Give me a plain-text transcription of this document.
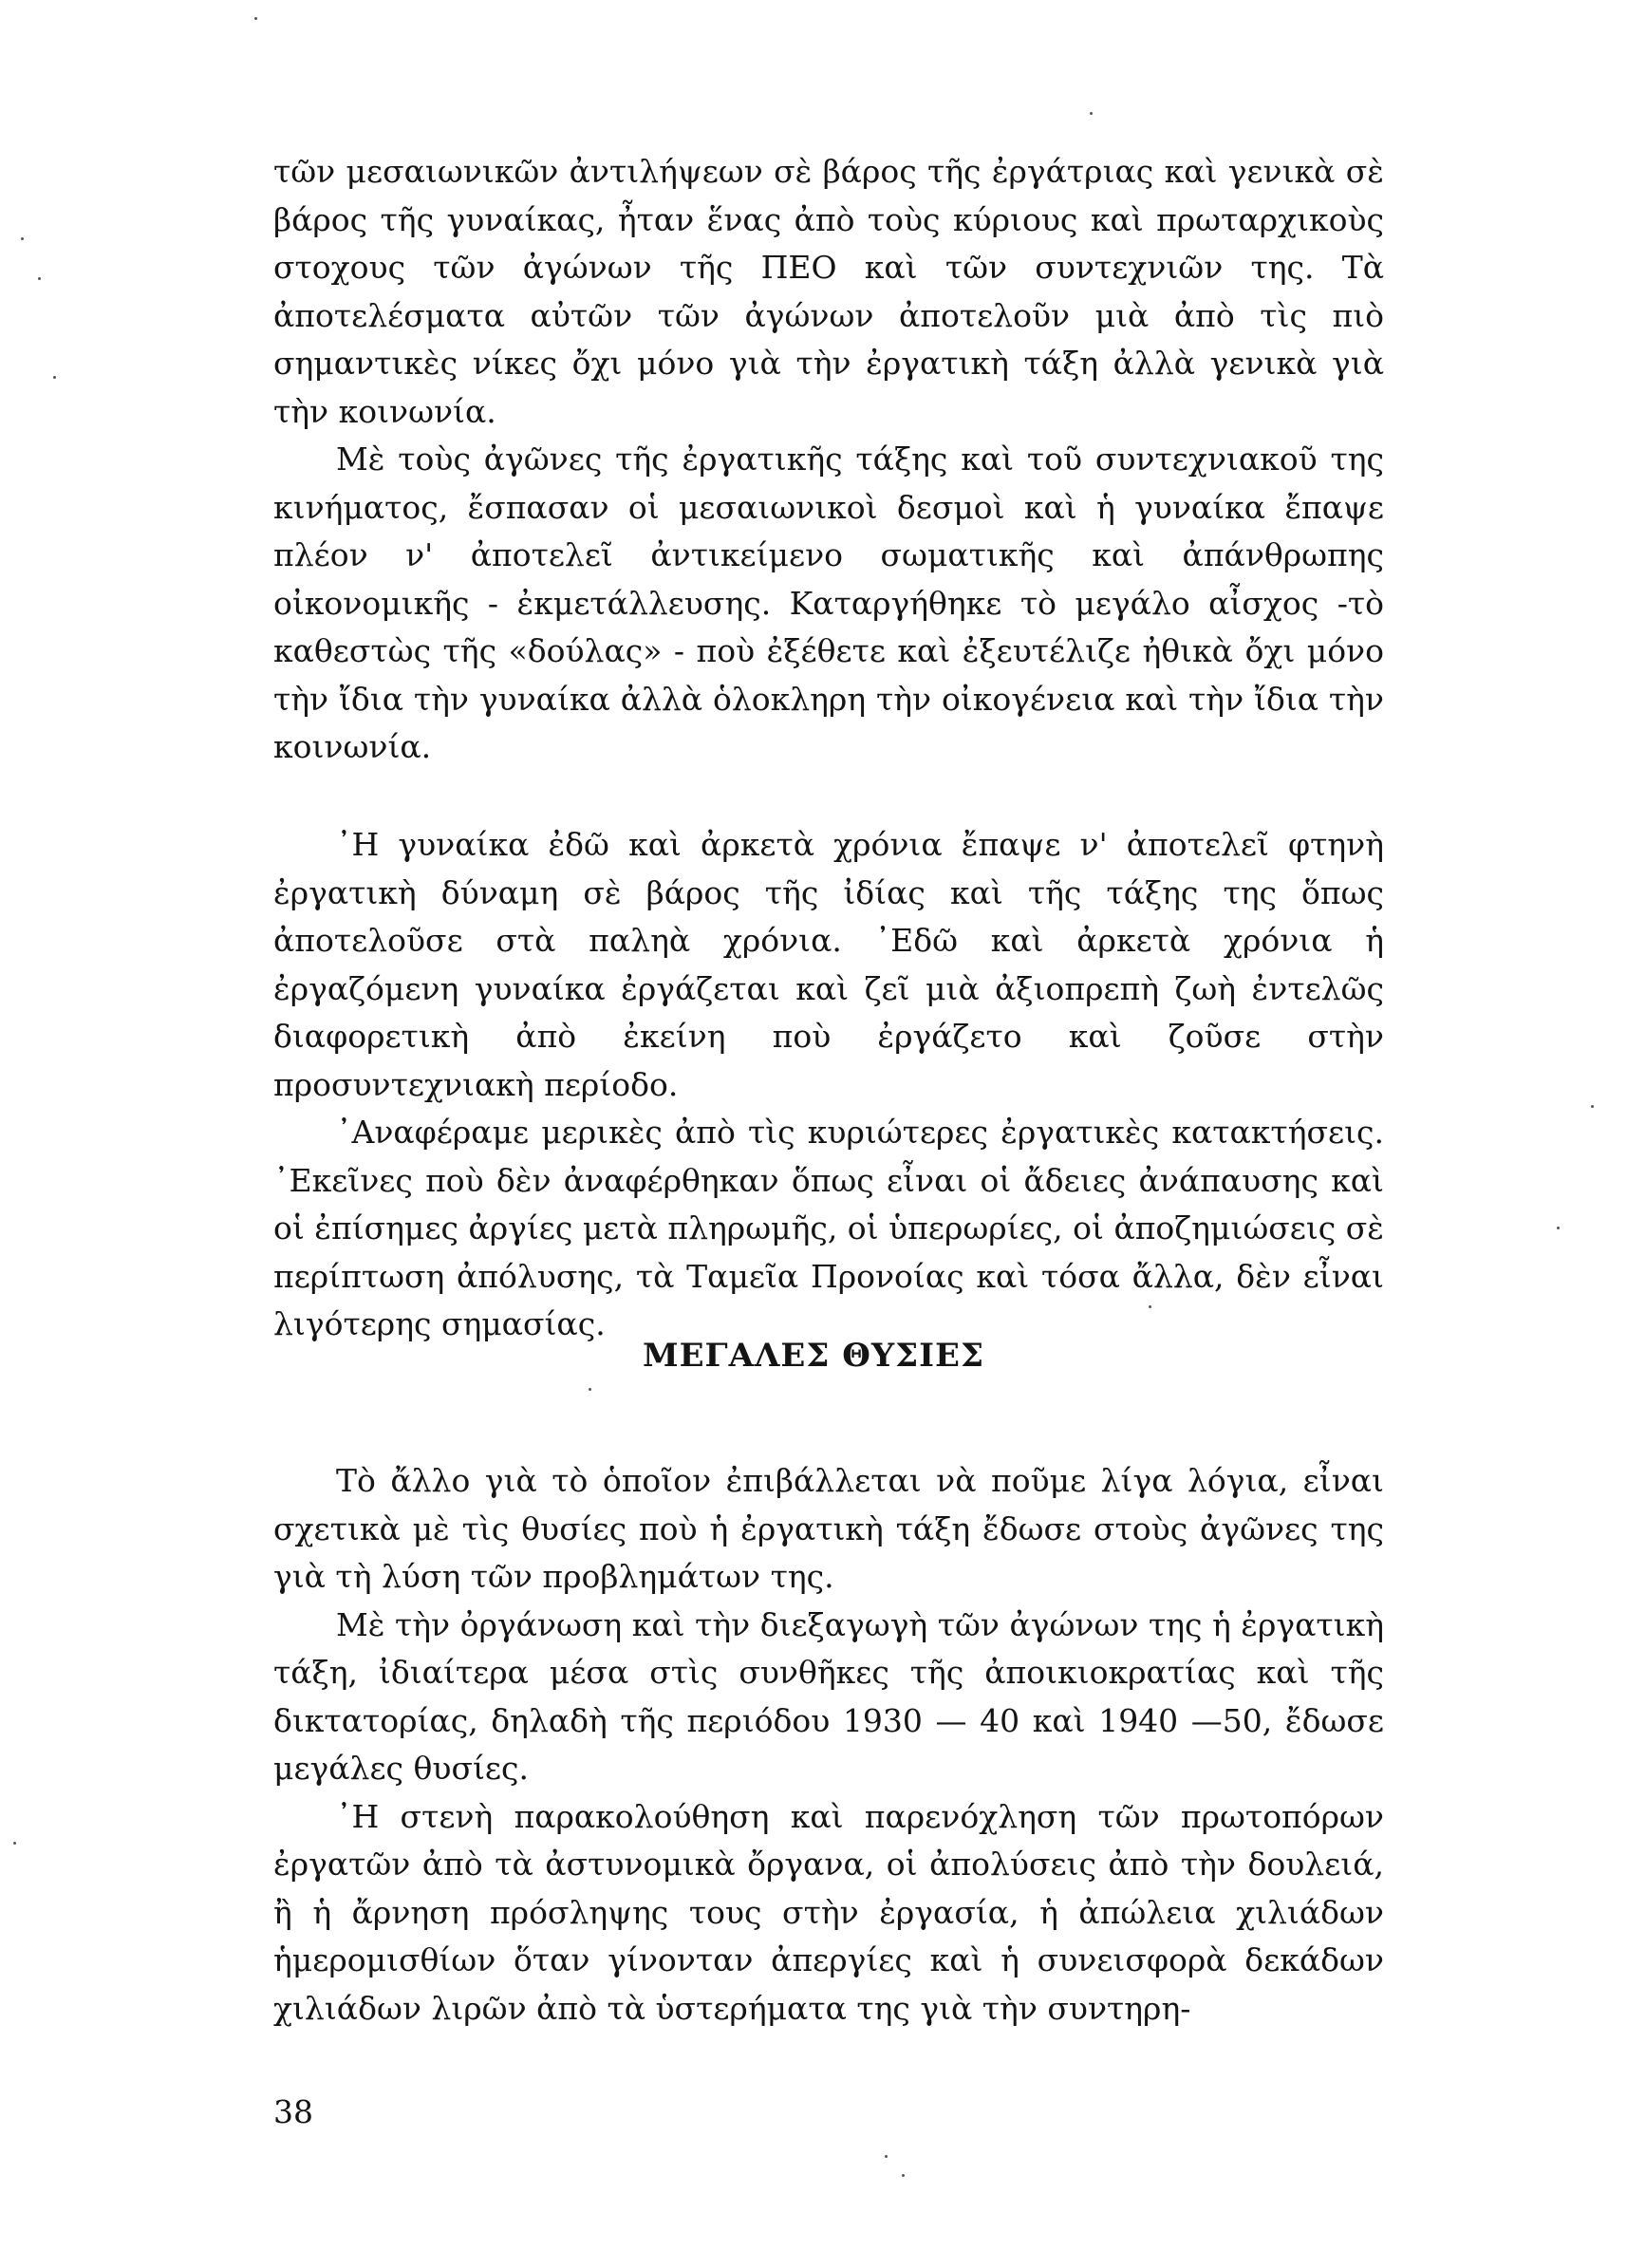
τῶν μεσαιωνικῶν ἀντιλήψεων σὲ βάρος τῆς ἐργάτριας καὶ γενικὰ σὲ βάρος τῆς γυναίκας, ἦταν ἕνας ἀπὸ τοὺς κύριους καὶ πρωταρχικοὺς στοχους τῶν ἀγώνων τῆς ΠΕΟ καὶ τῶν συντεχνιῶν της. Τὰ ἀποτελέσματα αὐτῶν τῶν ἀγώνων ἀποτελοῦν μιὰ ἀπὸ τὶς πιὸ σημαντικὲς νίκες ὄχι μόνο γιὰ τὴν ἐργατικὴ τάξη ἀλλὰ γενικὰ γιὰ τὴν κοινωνία.

Μὲ τοὺς ἀγῶνες τῆς ἐργατικῆς τάξης καὶ τοῦ συντεχνιακοῦ της κινήματος, ἔσπασαν οἱ μεσαιωνικοὶ δεσμοὶ καὶ ἡ γυναίκα ἔπαψε πλέον ν' ἀποτελεῖ ἀντικείμενο σωματικῆς καὶ ἀπάνθρωπης οἰκονομικῆς - ἐκμετάλλευσης. Καταργήθηκε τὸ μεγάλο αἶσχος -τὸ καθεστὼς τῆς «δούλας» - ποὺ ἐξέθετε καὶ ἐξευτέλιζε ἠθικὰ ὄχι μόνο τὴν ἴδια τὴν γυναίκα ἀλλὰ ὁλοκληρη τὴν οἰκογένεια καὶ τὴν ἴδια τὴν κοινωνία.

᾿Η γυναίκα ἐδῶ καὶ ἀρκετὰ χρόνια ἔπαψε ν' ἀποτελεῖ φτηνὴ ἐργατικὴ δύναμη σὲ βάρος τῆς ἰδίας καὶ τῆς τάξης της ὅπως ἀποτελοῦσε στὰ παληὰ χρόνια. ᾿Εδῶ καὶ ἀρκετὰ χρόνια ἡ ἐργαζόμενη γυναίκα ἐργάζεται καὶ ζεῖ μιὰ ἀξιοπρεπὴ ζωὴ ἐντελῶς διαφορετικὴ ἀπὸ ἐκείνη ποὺ ἐργάζετο καὶ ζοῦσε στὴν προσυντεχνιακὴ περίοδο.

᾿Αναφέραμε μερικὲς ἀπὸ τὶς κυριώτερες ἐργατικὲς κατακτήσεις. ᾿Εκεῖνες ποὺ δὲν ἀναφέρθηκαν ὅπως εἶναι οἱ ἄδειες ἀνάπαυσης καὶ οἱ ἐπίσημες ἀργίες μετὰ πληρωμῆς, οἱ ὑπερωρίες, οἱ ἀποζημιώσεις σὲ περίπτωση ἀπόλυσης, τὰ Ταμεῖα Προνοίας καὶ τόσα ἄλλα, δὲν εἶναι λιγότερης σημασίας.

ΜΕΓΑΛΕΣ ΘΥΣΙΕΣ

Τὸ ἄλλο γιὰ τὸ ὁποῖον ἐπιβάλλεται νὰ ποῦμε λίγα λόγια, εἶναι σχετικὰ μὲ τὶς θυσίες ποὺ ἡ ἐργατικὴ τάξη ἔδωσε στοὺς ἀγῶνες της γιὰ τὴ λύση τῶν προβλημάτων της.

Μὲ τὴν ὀργάνωση καὶ τὴν διεξαγωγὴ τῶν ἀγώνων της ἡ ἐργατικὴ τάξη, ἰδιαίτερα μέσα στὶς συνθῆκες τῆς ἀποικιοκρατίας καὶ τῆς δικτατορίας, δηλαδὴ τῆς περιόδου 1930 — 40 καὶ 1940 —50, ἔδωσε μεγάλες θυσίες.

᾿Η στενὴ παρακολούθηση καὶ παρενόχληση τῶν πρωτοπόρων ἐργατῶν ἀπὸ τὰ ἀστυνομικὰ ὄργανα, οἱ ἀπολύσεις ἀπὸ τὴν δουλειά, ἢ ἡ ἄρνηση πρόσληψης τους στὴν ἐργασία, ἡ ἀπώλεια χιλιάδων ἡμερομισθίων ὅταν γίνονταν ἀπεργίες καὶ ἡ συνεισφορὰ δεκάδων χιλιάδων λιρῶν ἀπὸ τὰ ὑστερήματα της γιὰ τὴν συντηρη-

38
